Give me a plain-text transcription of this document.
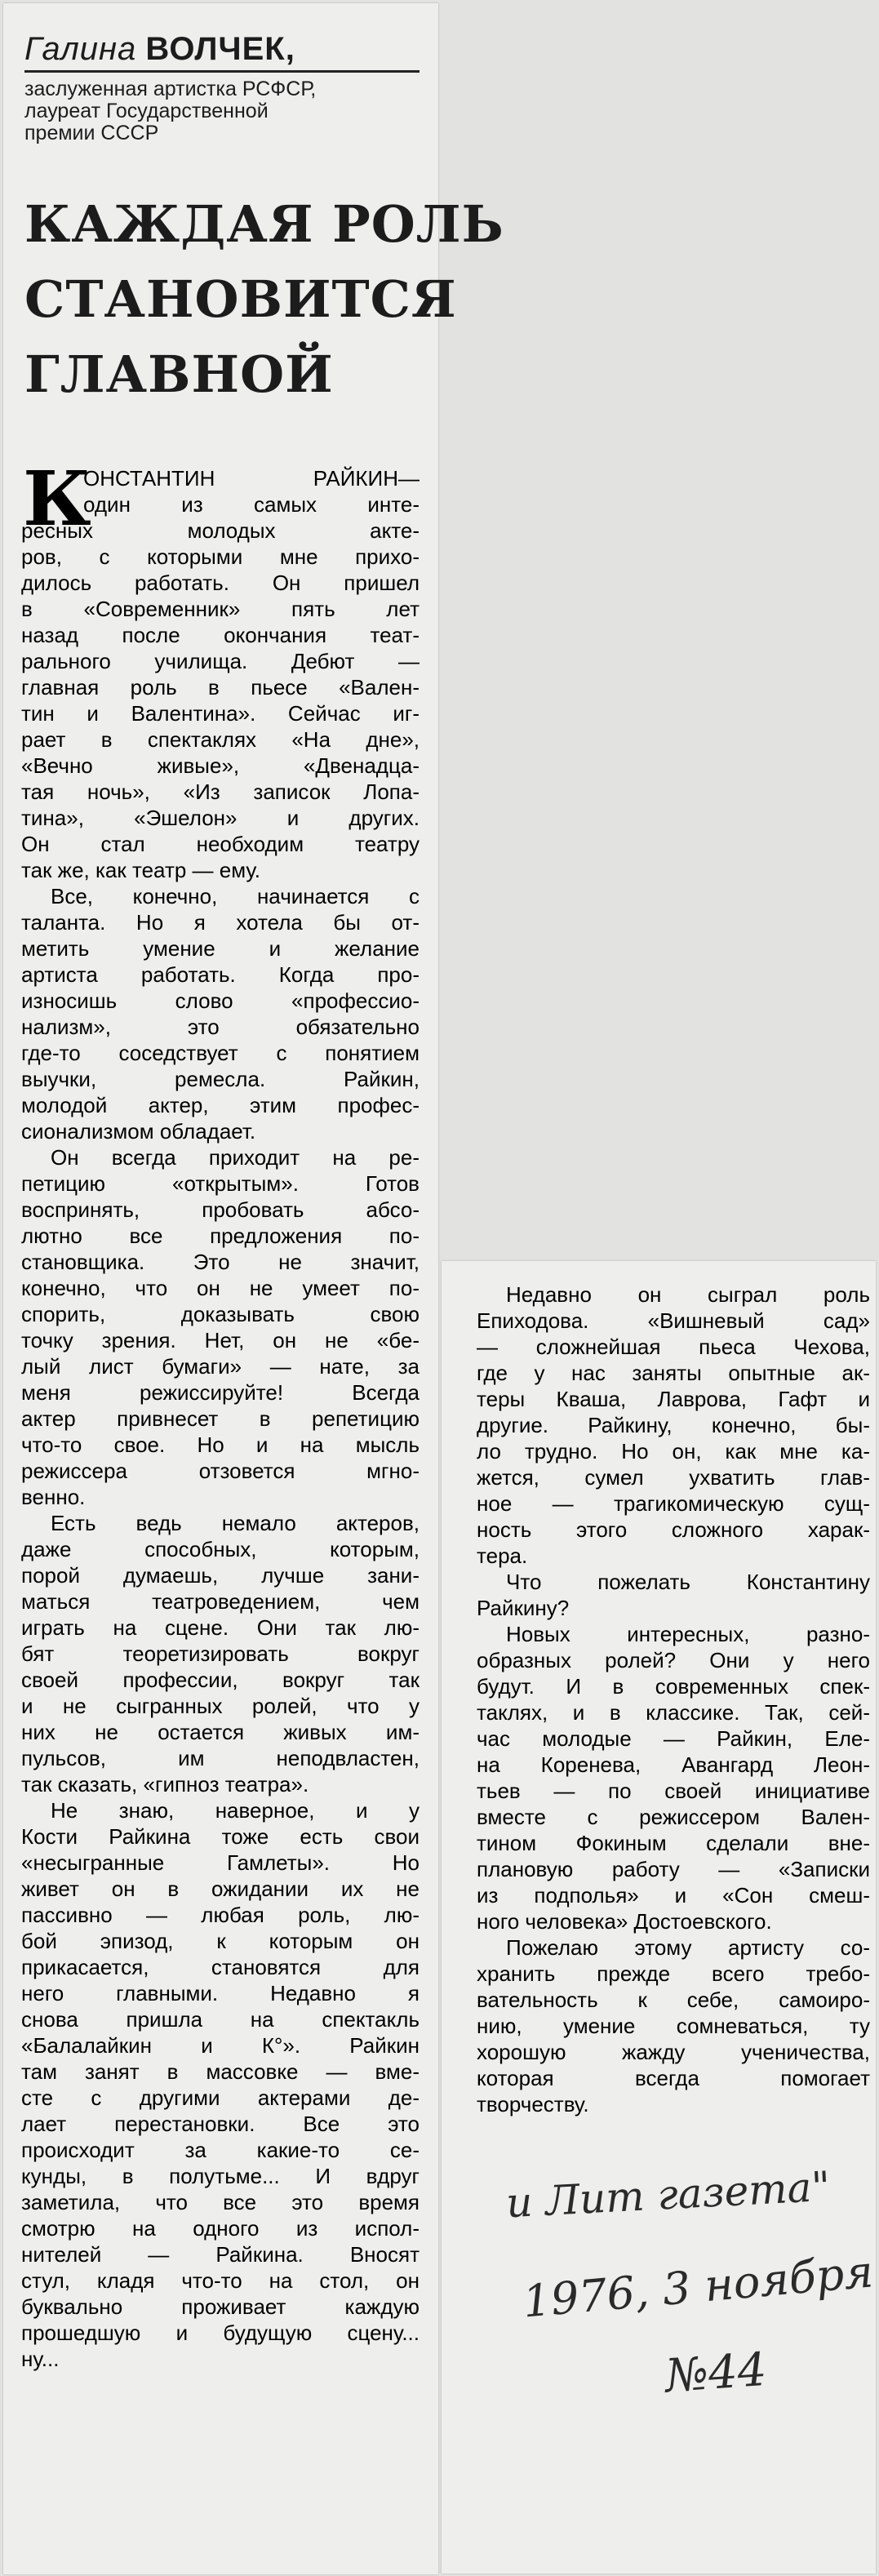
Галина ВОЛЧЕК,
заслуженная артистка РСФСР,
лауреат Государственной
премии СССР
КАЖДАЯ РОЛЬ
СТАНОВИТСЯ
ГЛАВНОЙ
К
ОНСТАНТИН РАЙКИН—
один из самых инте-
ресных молодых акте-
ров, с которыми мне прихо-
дилось работать. Он пришел
в «Современник» пять лет
назад после окончания теат-
рального училища. Дебют —
главная роль в пьесе «Вален-
тин и Валентина». Сейчас иг-
рает в спектаклях «На дне»,
«Вечно живые», «Двенадца-
тая ночь», «Из записок Лопа-
тина», «Эшелон» и других.
Он стал необходим театру
так же, как театр — ему.
Все, конечно, начинается с
таланта. Но я хотела бы от-
метить умение и желание
артиста работать. Когда про-
износишь слово «профессио-
нализм», это обязательно
где-то соседствует с понятием
выучки, ремесла. Райкин,
молодой актер, этим профес-
сионализмом обладает.
Он всегда приходит на ре-
петицию «открытым». Готов
воспринять, пробовать абсо-
лютно все предложения по-
становщика. Это не значит,
конечно, что он не умеет по-
спорить, доказывать свою
точку зрения. Нет, он не «бе-
лый лист бумаги» — нате, за
меня режиссируйте! Всегда
актер привнесет в репетицию
что-то свое. Но и на мысль
режиссера отзовется мгно-
венно.
Есть ведь немало актеров,
даже способных, которым,
порой думаешь, лучше зани-
маться театроведением, чем
играть на сцене. Они так лю-
бят теоретизировать вокруг
своей профессии, вокруг так
и не сыгранных ролей, что у
них не остается живых им-
пульсов, им неподвластен,
так сказать, «гипноз театра».
Не знаю, наверное, и у
Кости Райкина тоже есть свои
«несыгранные Гамлеты». Но
живет он в ожидании их не
пассивно — любая роль, лю-
бой эпизод, к которым он
прикасается, становятся для
него главными. Недавно я
снова пришла на спектакль
«Балалайкин и К°». Райкин
там занят в массовке — вме-
сте с другими актерами де-
лает перестановки. Все это
происходит за какие-то се-
кунды, в полутьме... И вдруг
заметила, что все это время
смотрю на одного из испол-
нителей — Райкина. Вносят
стул, кладя что-то на стол, он
буквально проживает каждую
прошедшую и будущую сцену...
ну...
Недавно он сыграл роль
Епиходова. «Вишневый сад»
— сложнейшая пьеса Чехова,
где у нас заняты опытные ак-
теры Кваша, Лаврова, Гафт и
другие. Райкину, конечно, бы-
ло трудно. Но он, как мне ка-
жется, сумел ухватить глав-
ное — трагикомическую сущ-
ность этого сложного харак-
тера.
Что пожелать Константину
Райкину?
Новых интересных, разно-
образных ролей? Они у него
будут. И в современных спек-
таклях, и в классике. Так, сей-
час молодые — Райкин, Еле-
на Коренева, Авангард Леон-
тьев — по своей инициативе
вместе с режиссером Вален-
тином Фокиным сделали вне-
плановую работу — «Записки
из подполья» и «Сон смеш-
ного человека» Достоевского.
Пожелаю этому артисту со-
хранить прежде всего требо-
вательность к себе, самоиро-
нию, умение сомневаться, ту
хорошую жажду ученичества,
которая всегда помогает
творчеству.
и Лит газета"
1976, 3 ноября
№44
